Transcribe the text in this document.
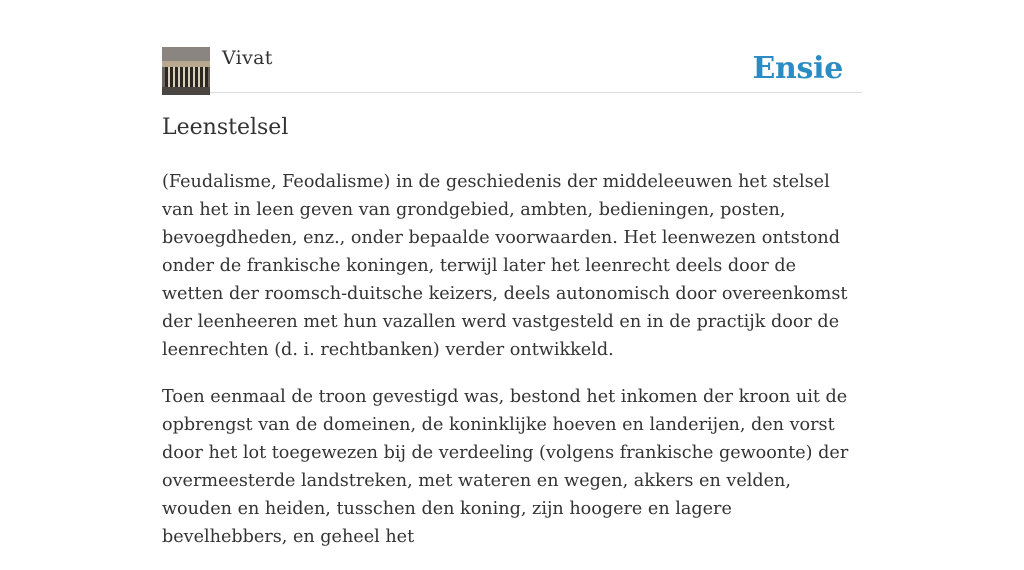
Vivat	Ensie
Leenstelsel

(Feudalisme, Feodalisme) in de geschiedenis der middeleeuwen het stelsel van het in leen geven van grondgebied, ambten, bedieningen, posten, bevoegdheden, enz., onder bepaalde voorwaarden. Het leenwezen ontstond onder de frankische koningen, terwijl later het leenrecht deels door de wetten der roomsch-duitsche keizers, deels autonomisch door overeenkomst der leenheeren met hun vazallen werd vastgesteld en in de practijk door de leenrechten (d. i. rechtbanken) verder ontwikkeld.

Toen eenmaal de troon gevestigd was, bestond het inkomen der kroon uit de opbrengst van de domeinen, de koninklijke hoeven en landerijen, den vorst door het lot toegewezen bij de verdeeling (volgens frankische gewoonte) der overmeesterde landstreken, met wateren en wegen, akkers en velden, wouden en heiden, tusschen den koning, zijn hoogere en lagere bevelhebbers, en geheel het
